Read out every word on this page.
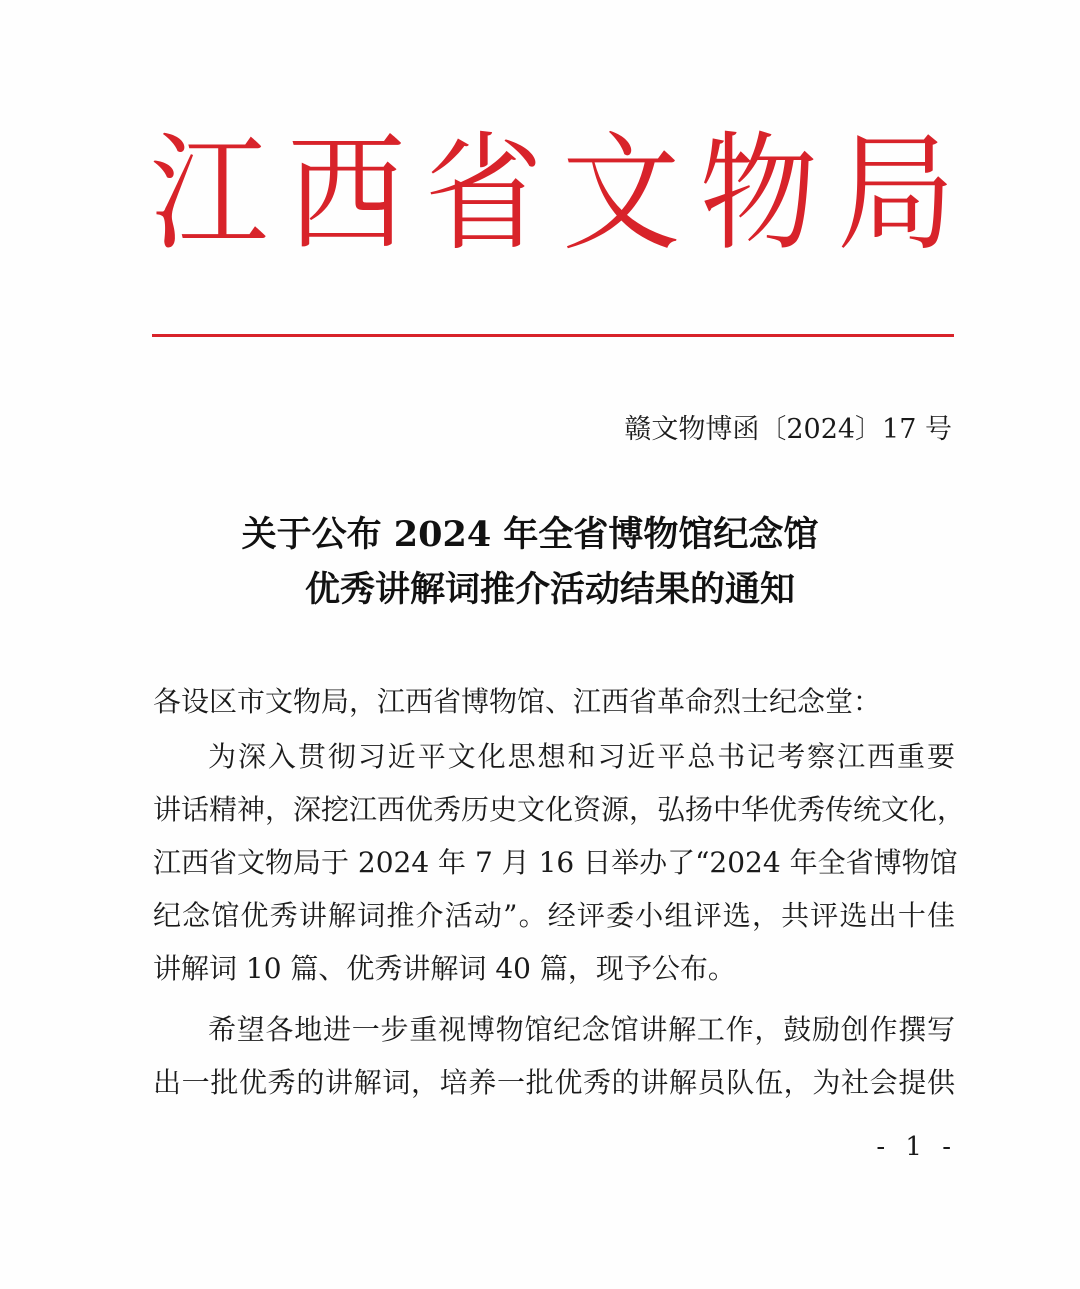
江 西 省 文 物 局
赣文物博函〔2024〕17 号
关于公布 2024 年全省博物馆纪念馆
优秀讲解词推介活动结果的通知
各设区市文物局，江西省博物馆、江西省革命烈士纪念堂：
为深入贯彻习近平文化思想和习近平总书记考察江西重要
讲话精神，深挖江西优秀历史文化资源，弘扬中华优秀传统文化，
江西省文物局于 2024 年 7 月 16 日举办了“2024 年全省博物馆
纪念馆优秀讲解词推介活动”。经评委小组评选，共评选出十佳
讲解词 10 篇、优秀讲解词 40 篇，现予公布。
希望各地进一步重视博物馆纪念馆讲解工作，鼓励创作撰写
出一批优秀的讲解词，培养一批优秀的讲解员队伍，为社会提供
- 1 -
